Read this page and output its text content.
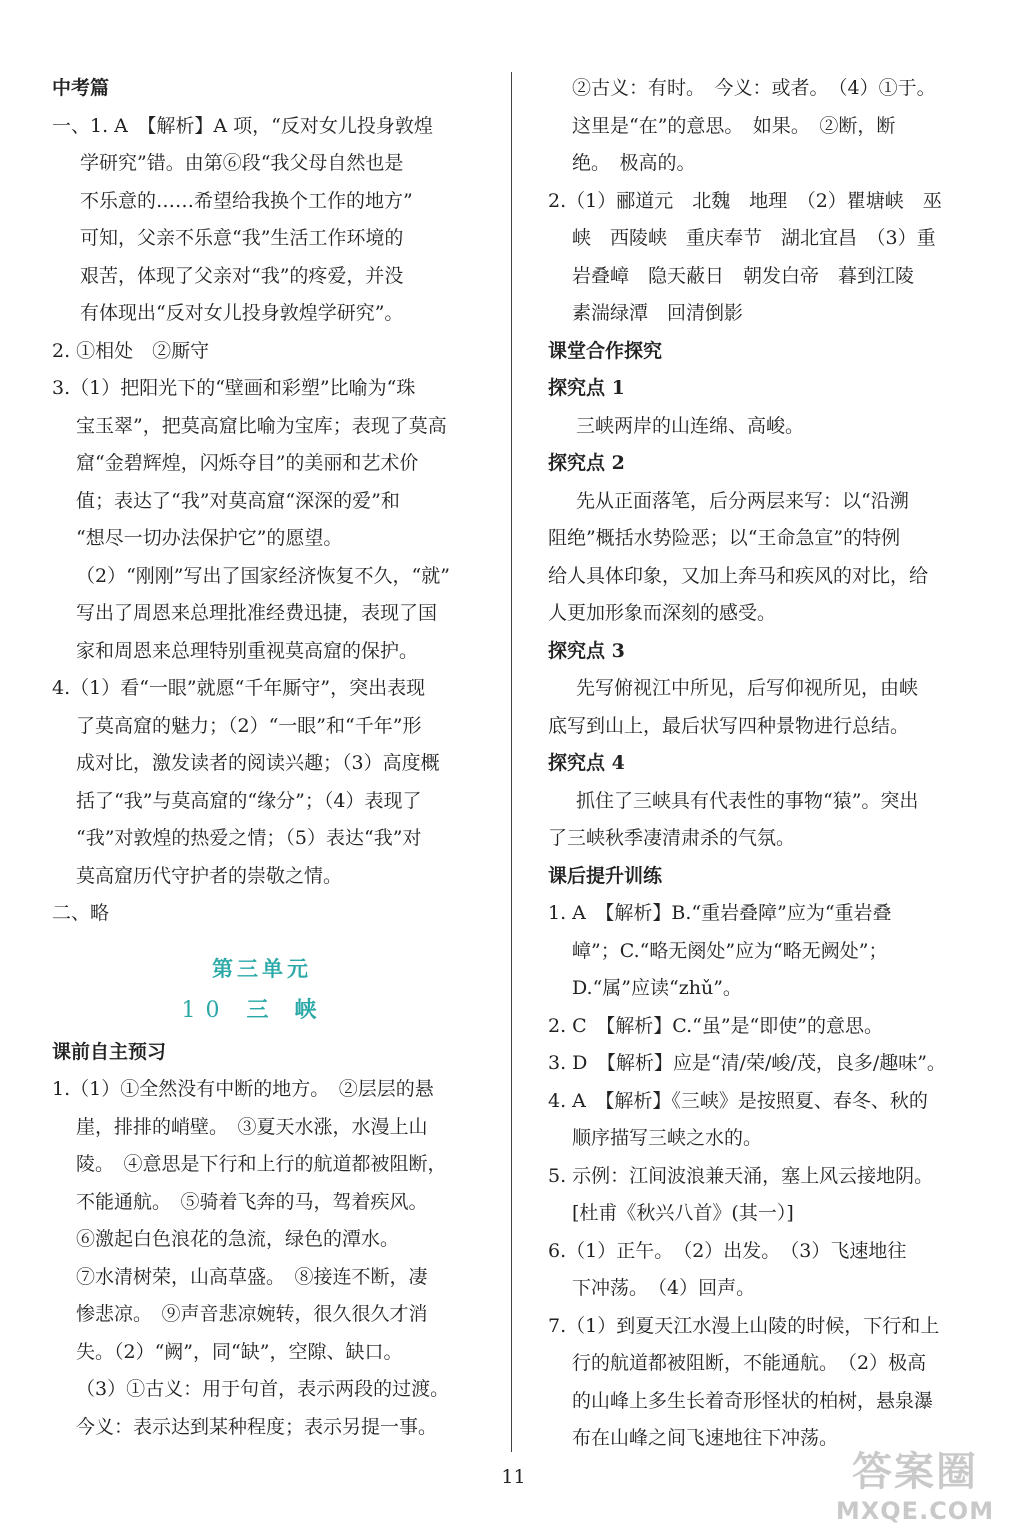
中考篇
一、1. A　【解析】A 项，“反对女儿投身敦煌
学研究”错。由第⑥段“我父母自然也是
不乐意的……希望给我换个工作的地方”
可知，父亲不乐意“我”生活工作环境的
艰苦，体现了父亲对“我”的疼爱，并没
有体现出“反对女儿投身敦煌学研究”。
2. ①相处　②厮守
3.（1）把阳光下的“壁画和彩塑”比喻为“珠
宝玉翠”，把莫高窟比喻为宝库；表现了莫高
窟“金碧辉煌，闪烁夺目”的美丽和艺术价
值；表达了“我”对莫高窟“深深的爱”和
“想尽一切办法保护它”的愿望。
（2）“刚刚”写出了国家经济恢复不久，“就”
写出了周恩来总理批准经费迅捷，表现了国
家和周恩来总理特别重视莫高窟的保护。
4.（1）看“一眼”就愿“千年厮守”，突出表现
了莫高窟的魅力；（2）“一眼”和“千年”形
成对比，激发读者的阅读兴趣；（3）高度概
括了“我”与莫高窟的“缘分”；（4）表现了
“我”对敦煌的热爱之情；（5）表达“我”对
莫高窟历代守护者的崇敬之情。
二、略
第三单元
10 三峡
课前自主预习
1.（1）①全然没有中断的地方。　②层层的悬
崖，排排的峭壁。　③夏天水涨，水漫上山
陵。　④意思是下行和上行的航道都被阻断，
不能通航。　⑤骑着飞奔的马，驾着疾风。
⑥激起白色浪花的急流，绿色的潭水。
⑦水清树荣，山高草盛。　⑧接连不断，凄
惨悲凉。　⑨声音悲凉婉转，很久很久才消
失。（2）“阙”，同“缺”，空隙、缺口。
（3）①古义：用于句首，表示两段的过渡。
今义：表示达到某种程度；表示另提一事。
②古义：有时。　今义：或者。　（4）①于。
这里是“在”的意思。　如果。　②断，断
绝。　极高的。
2.（1）郦道元　北魏　地理　（2）瞿塘峡　巫
峡　西陵峡　重庆奉节　湖北宜昌　（3）重
岩叠嶂　隐天蔽日　朝发白帝　暮到江陵
素湍绿潭　回清倒影
课堂合作探究
探究点 1
三峡两岸的山连绵、高峻。
探究点 2
先从正面落笔，后分两层来写：以“沿溯
阻绝”概括水势险恶；以“王命急宣”的特例
给人具体印象，又加上奔马和疾风的对比，给
人更加形象而深刻的感受。
探究点 3
先写俯视江中所见，后写仰视所见，由峡
底写到山上，最后状写四种景物进行总结。
探究点 4
抓住了三峡具有代表性的事物“猿”。突出
了三峡秋季凄清肃杀的气氛。
课后提升训练
1. A　【解析】B.“重岩叠障”应为“重岩叠
嶂”；C.“略无阕处”应为“略无阙处”；
D.“属”应读“zhǔ”。
2. C　【解析】C.“虽”是“即使”的意思。
3. D　【解析】应是“清/荣/峻/茂，良多/趣味”。
4. A　【解析】《三峡》是按照夏、春冬、秋的
顺序描写三峡之水的。
5. 示例：江间波浪兼天涌，塞上风云接地阴。
[杜甫《秋兴八首》(其一）]
6.（1）正午。　（2）出发。　（3）飞速地往
下冲荡。　（4）回声。
7.（1）到夏天江水漫上山陵的时候，下行和上
行的航道都被阻断，不能通航。　（2）极高
的山峰上多生长着奇形怪状的柏树，悬泉瀑
布在山峰之间飞速地往下冲荡。
11	答案圈
MXQE.COM
